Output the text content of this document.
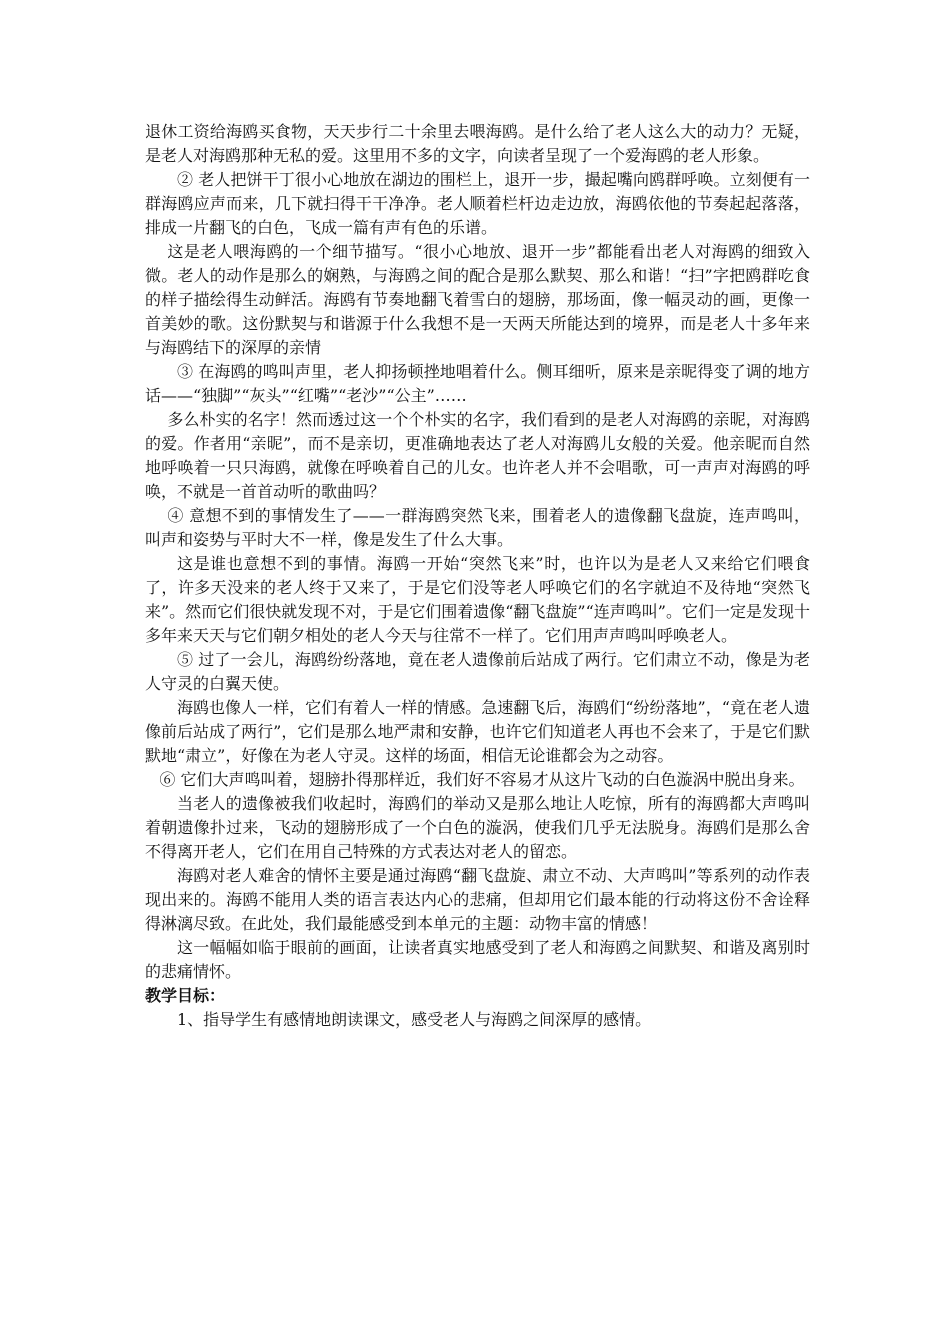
退休工资给海鸥买食物，天天步行二十余里去喂海鸥。是什么给了老人这么大的动力？无疑，是老人对海鸥那种无私的爱。这里用不多的文字，向读者呈现了一个爱海鸥的老人形象。

② 老人把饼干丁很小心地放在湖边的围栏上，退开一步，撮起嘴向鸥群呼唤。立刻便有一群海鸥应声而来，几下就扫得干干净净。老人顺着栏杆边走边放，海鸥依他的节奏起起落落，排成一片翻飞的白色，飞成一篇有声有色的乐谱。

这是老人喂海鸥的一个细节描写。“很小心地放、退开一步”都能看出老人对海鸥的细致入微。老人的动作是那么的娴熟，与海鸥之间的配合是那么默契、那么和谐！“扫”字把鸥群吃食的样子描绘得生动鲜活。海鸥有节奏地翻飞着雪白的翅膀，那场面，像一幅灵动的画，更像一首美妙的歌。这份默契与和谐源于什么我想不是一天两天所能达到的境界，而是老人十多年来与海鸥结下的深厚的亲情

③ 在海鸥的鸣叫声里，老人抑扬顿挫地唱着什么。侧耳细听，原来是亲昵得变了调的地方话——“独脚”“灰头”“红嘴”“老沙”“公主”……

多么朴实的名字！然而透过这一个个朴实的名字，我们看到的是老人对海鸥的亲昵，对海鸥的爱。作者用“亲昵”，而不是亲切，更准确地表达了老人对海鸥儿女般的关爱。他亲昵而自然地呼唤着一只只海鸥，就像在呼唤着自己的儿女。也许老人并不会唱歌，可一声声对海鸥的呼唤，不就是一首首动听的歌曲吗？

④ 意想不到的事情发生了——一群海鸥突然飞来，围着老人的遗像翻飞盘旋，连声鸣叫，叫声和姿势与平时大不一样，像是发生了什么大事。

这是谁也意想不到的事情。海鸥一开始“突然飞来”时，也许以为是老人又来给它们喂食了，许多天没来的老人终于又来了，于是它们没等老人呼唤它们的名字就迫不及待地“突然飞来”。然而它们很快就发现不对，于是它们围着遗像“翻飞盘旋”“连声鸣叫”。它们一定是发现十多年来天天与它们朝夕相处的老人今天与往常不一样了。它们用声声鸣叫呼唤老人。

⑤ 过了一会儿，海鸥纷纷落地，竟在老人遗像前后站成了两行。它们肃立不动，像是为老人守灵的白翼天使。

海鸥也像人一样，它们有着人一样的情感。急速翻飞后，海鸥们“纷纷落地”，“竟在老人遗像前后站成了两行”，它们是那么地严肃和安静，也许它们知道老人再也不会来了，于是它们默默地“肃立”，好像在为老人守灵。这样的场面，相信无论谁都会为之动容。

⑥ 它们大声鸣叫着，翅膀扑得那样近，我们好不容易才从这片飞动的白色漩涡中脱出身来。

当老人的遗像被我们收起时，海鸥们的举动又是那么地让人吃惊，所有的海鸥都大声鸣叫着朝遗像扑过来，飞动的翅膀形成了一个白色的漩涡，使我们几乎无法脱身。海鸥们是那么舍不得离开老人，它们在用自己特殊的方式表达对老人的留恋。

海鸥对老人难舍的情怀主要是通过海鸥“翻飞盘旋、肃立不动、大声鸣叫”等系列的动作表现出来的。海鸥不能用人类的语言表达内心的悲痛，但却用它们最本能的行动将这份不舍诠释得淋漓尽致。在此处，我们最能感受到本单元的主题：动物丰富的情感！

这一幅幅如临于眼前的画面，让读者真实地感受到了老人和海鸥之间默契、和谐及离别时的悲痛情怀。

教学目标：

1、指导学生有感情地朗读课文，感受老人与海鸥之间深厚的感情。
